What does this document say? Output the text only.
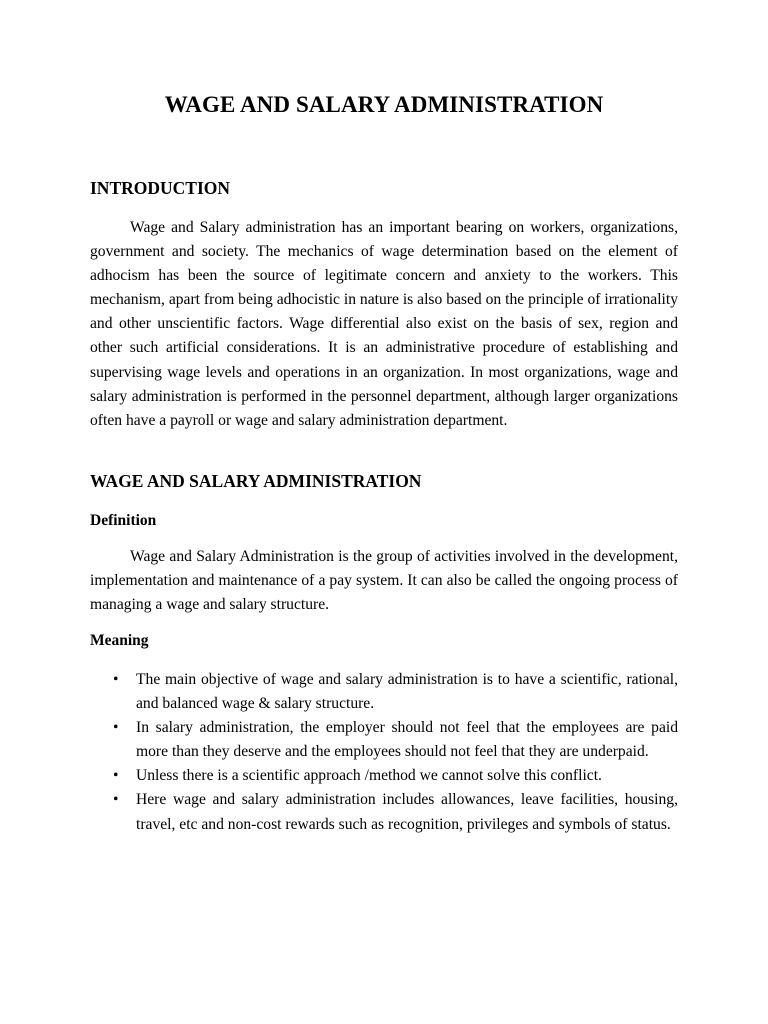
WAGE AND SALARY ADMINISTRATION
INTRODUCTION

Wage and Salary administration has an important bearing on workers, organizations, government and society. The mechanics of wage determination based on the element of adhocism has been the source of legitimate concern and anxiety to the workers. This mechanism, apart from being adhocistic in nature is also based on the principle of irrationality and other unscientific factors. Wage differential also exist on the basis of sex, region and other such artificial considerations. It is an administrative procedure of establishing and supervising wage levels and operations in an organization. In most organizations, wage and salary administration is performed in the personnel department, although larger organizations often have a payroll or wage and salary administration department.

WAGE AND SALARY ADMINISTRATION
Definition

Wage and Salary Administration is the group of activities involved in the development, implementation and maintenance of a pay system. It can also be called the ongoing process of managing a wage and salary structure.

Meaning
• The main objective of wage and salary administration is to have a scientific, rational, and balanced wage & salary structure.
• In salary administration, the employer should not feel that the employees are paid more than they deserve and the employees should not feel that they are underpaid.
• Unless there is a scientific approach /method we cannot solve this conflict.
• Here wage and salary administration includes allowances, leave facilities, housing, travel, etc and non-cost rewards such as recognition, privileges and symbols of status.
